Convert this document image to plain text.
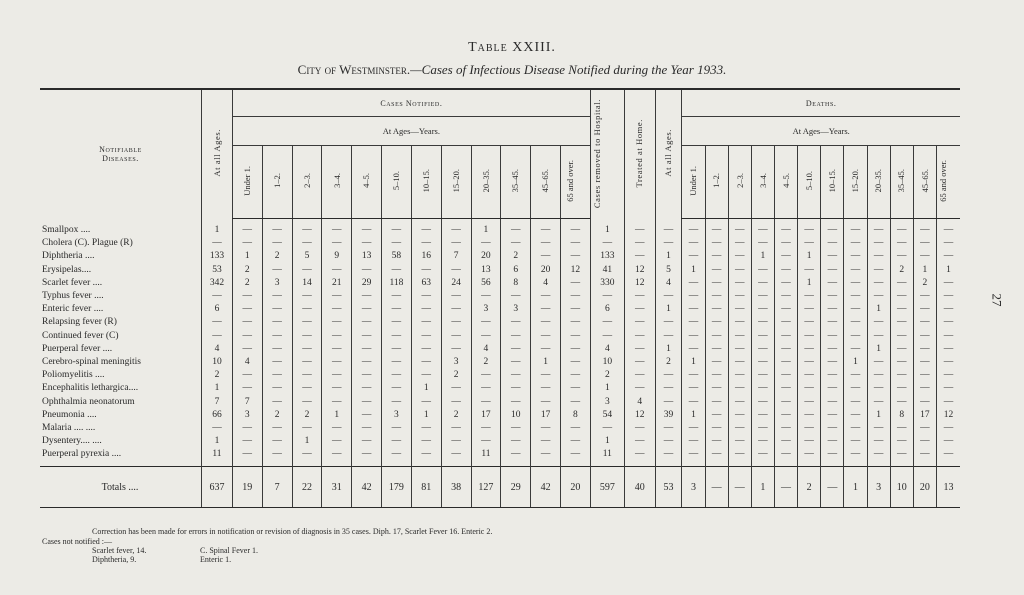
Table XXIII.
City of Westminster.—Cases of Infectious Disease Notified during the Year 1933.
Notifiable Diseases.	At all Ages.	Cases Notified.												Cases removed to Hospital.	Treated at Home.	At all Ages.	Deaths.											
		At Ages—Years.															At Ages—Years.											
		Under 1.	1–2.	2–3.	3–4.	4–5.	5–10.	10–15.	15–20.	20–35.	35–45.	45–65.	65 and over.				Under 1.	1–2.	2–3.	3–4.	4–5.	5–10.	10–15.	15–20.	20–35.	35–45.	45–65.	65 and over.

Smallpox ....	1	—	—	—	—	—	—	—	—	1	—	—	—	1	—	—	—	—	—	—	—	—	—	—	—	—	—	—
Cholera (C). Plague (R)	—	—	—	—	—	—	—	—	—	—	—	—	—	—	—	—	—	—	—	—	—	—	—	—	—	—	—	—
Diphtheria ....	133	1	2	5	9	13	58	16	7	20	2	—	—	133	—	1	—	—	—	1	—	1	—	—	—	—	—	—
Erysipelas....	53	2	—	—	—	—	—	—	—	13	6	20	12	41	12	5	1	—	—	—	—	—	—	—	—	2	1	1
Scarlet fever ....	342	2	3	14	21	29	118	63	24	56	8	4	—	330	12	4	—	—	—	—	—	1	—	—	—	—	2	—
Typhus fever ....	—	—	—	—	—	—	—	—	—	—	—	—	—	—	—	—	—	—	—	—	—	—	—	—	—	—	—	—
Enteric fever ....	6	—	—	—	—	—	—	—	—	3	3	—	—	6	—	1	—	—	—	—	—	—	—	—	1	—	—	—
Relapsing fever (R)	—	—	—	—	—	—	—	—	—	—	—	—	—	—	—	—	—	—	—	—	—	—	—	—	—	—	—	—
Continued fever (C)	—	—	—	—	—	—	—	—	—	—	—	—	—	—	—	—	—	—	—	—	—	—	—	—	—	—	—	—
Puerperal fever ....	4	—	—	—	—	—	—	—	—	4	—	—	—	4	—	1	—	—	—	—	—	—	—	—	1	—	—	—
Cerebro-spinal meningitis	10	4	—	—	—	—	—	—	3	2	—	1	—	10	—	2	1	—	—	—	—	—	—	1	—	—	—	—
Poliomyelitis ....	2	—	—	—	—	—	—	—	2	—	—	—	—	2	—	—	—	—	—	—	—	—	—	—	—	—	—	—
Encephalitis lethargica....	1	—	—	—	—	—	—	1	—	—	—	—	—	1	—	—	—	—	—	—	—	—	—	—	—	—	—	—
Ophthalmia neonatorum	7	7	—	—	—	—	—	—	—	—	—	—	—	3	4	—	—	—	—	—	—	—	—	—	—	—	—	—
Pneumonia ....	66	3	2	2	1	—	3	1	2	17	10	17	8	54	12	39	1	—	—	—	—	—	—	—	1	8	17	12
Malaria .... ....	—	—	—	—	—	—	—	—	—	—	—	—	—	—	—	—	—	—	—	—	—	—	—	—	—	—	—	—
Dysentery.... ....	1	—	—	1	—	—	—	—	—	—	—	—	—	1	—	—	—	—	—	—	—	—	—	—	—	—	—	—
Puerperal pyrexia ....	11	—	—	—	—	—	—	—	—	11	—	—	—	11	—	—	—	—	—	—	—	—	—	—	—	—	—	—

Totals ....	637	19	7	22	31	42	179	81	38	127	29	42	20	597	40	53	3	—	—	1	—	2	—	1	3	10	20	13
Correction has been made for errors in notification or revision of diagnosis in 35 cases. Diph. 17, Scarlet Fever 16. Enteric 2.
Cases not notified :—
Scarlet fever, 14.	C. Spinal Fever 1.
Diphtheria, 9.	Enteric 1.
27
